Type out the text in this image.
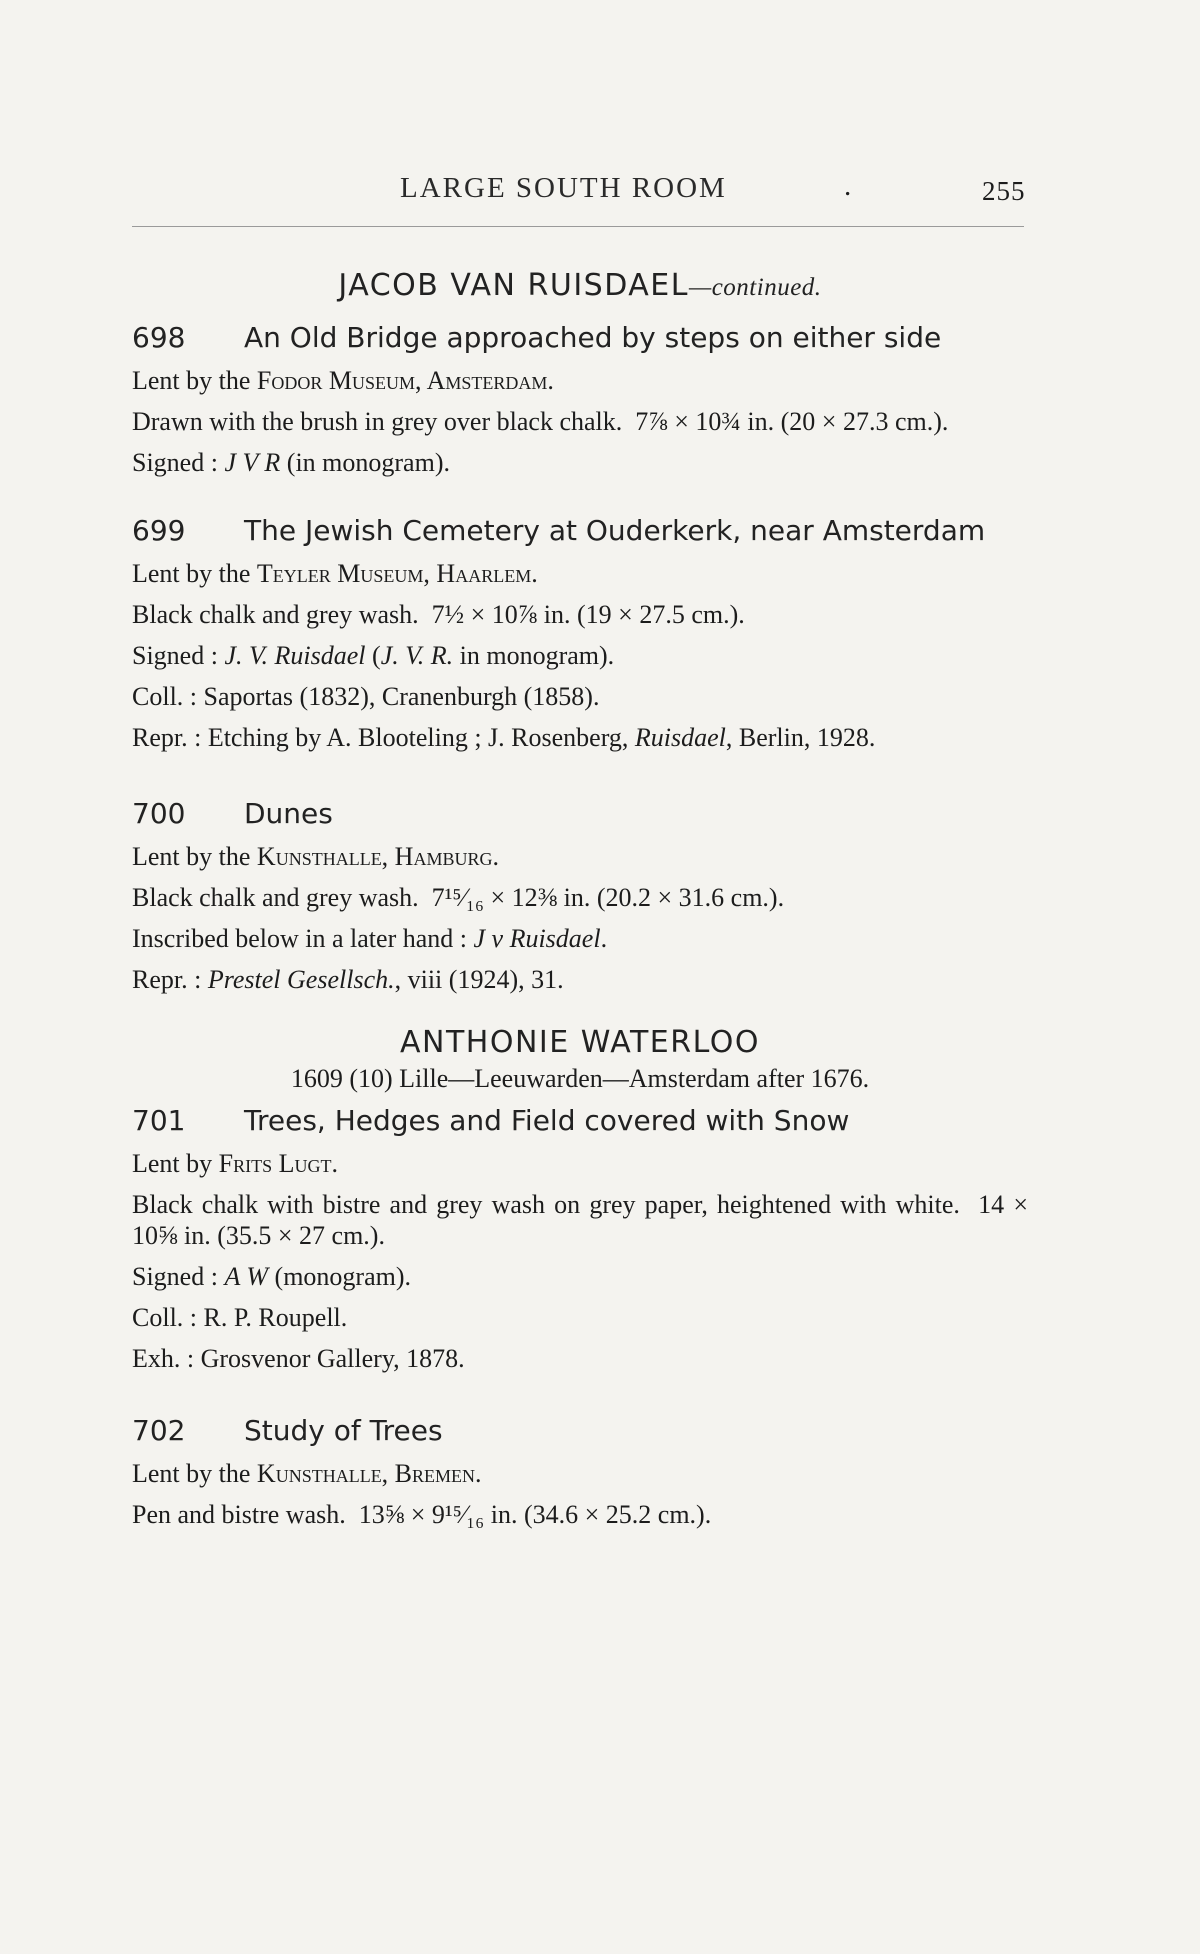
LARGE SOUTH ROOM	.	255

JACOB VAN RUISDAEL—continued.

698	An Old Bridge approached by steps on either side
Lent by the Fodor Museum, Amsterdam.
Drawn with the brush in grey over black chalk.  7⅞ × 10¾ in. (20 × 27.3 cm.).
Signed : J V R (in monogram).
699	The Jewish Cemetery at Ouderkerk, near Amsterdam
Lent by the Teyler Museum, Haarlem.
Black chalk and grey wash.  7½ × 10⅞ in. (19 × 27.5 cm.).
Signed : J. V. Ruisdael (J. V. R. in monogram).
Coll. : Saportas (1832), Cranenburgh (1858).
Repr. : Etching by A. Blooteling ; J. Rosenberg, Ruisdael, Berlin, 1928.
700	Dunes
Lent by the Kunsthalle, Hamburg.
Black chalk and grey wash.  7¹⁵⁄₁₆ × 12⅜ in. (20.2 × 31.6 cm.).
Inscribed below in a later hand : J v Ruisdael.
Repr. : Prestel Gesellsch., viii (1924), 31.

ANTHONIE WATERLOO

1609 (10) Lille—Leeuwarden—Amsterdam after 1676.
701	Trees, Hedges and Field covered with Snow
Lent by Frits Lugt.
Black chalk with bistre and grey wash on grey paper, heightened with white.  14 × 10⅝ in. (35.5 × 27 cm.).
Signed : A W (monogram).
Coll. : R. P. Roupell.
Exh. : Grosvenor Gallery, 1878.
702	Study of Trees
Lent by the Kunsthalle, Bremen.
Pen and bistre wash.  13⅝ × 9¹⁵⁄₁₆ in. (34.6 × 25.2 cm.).
